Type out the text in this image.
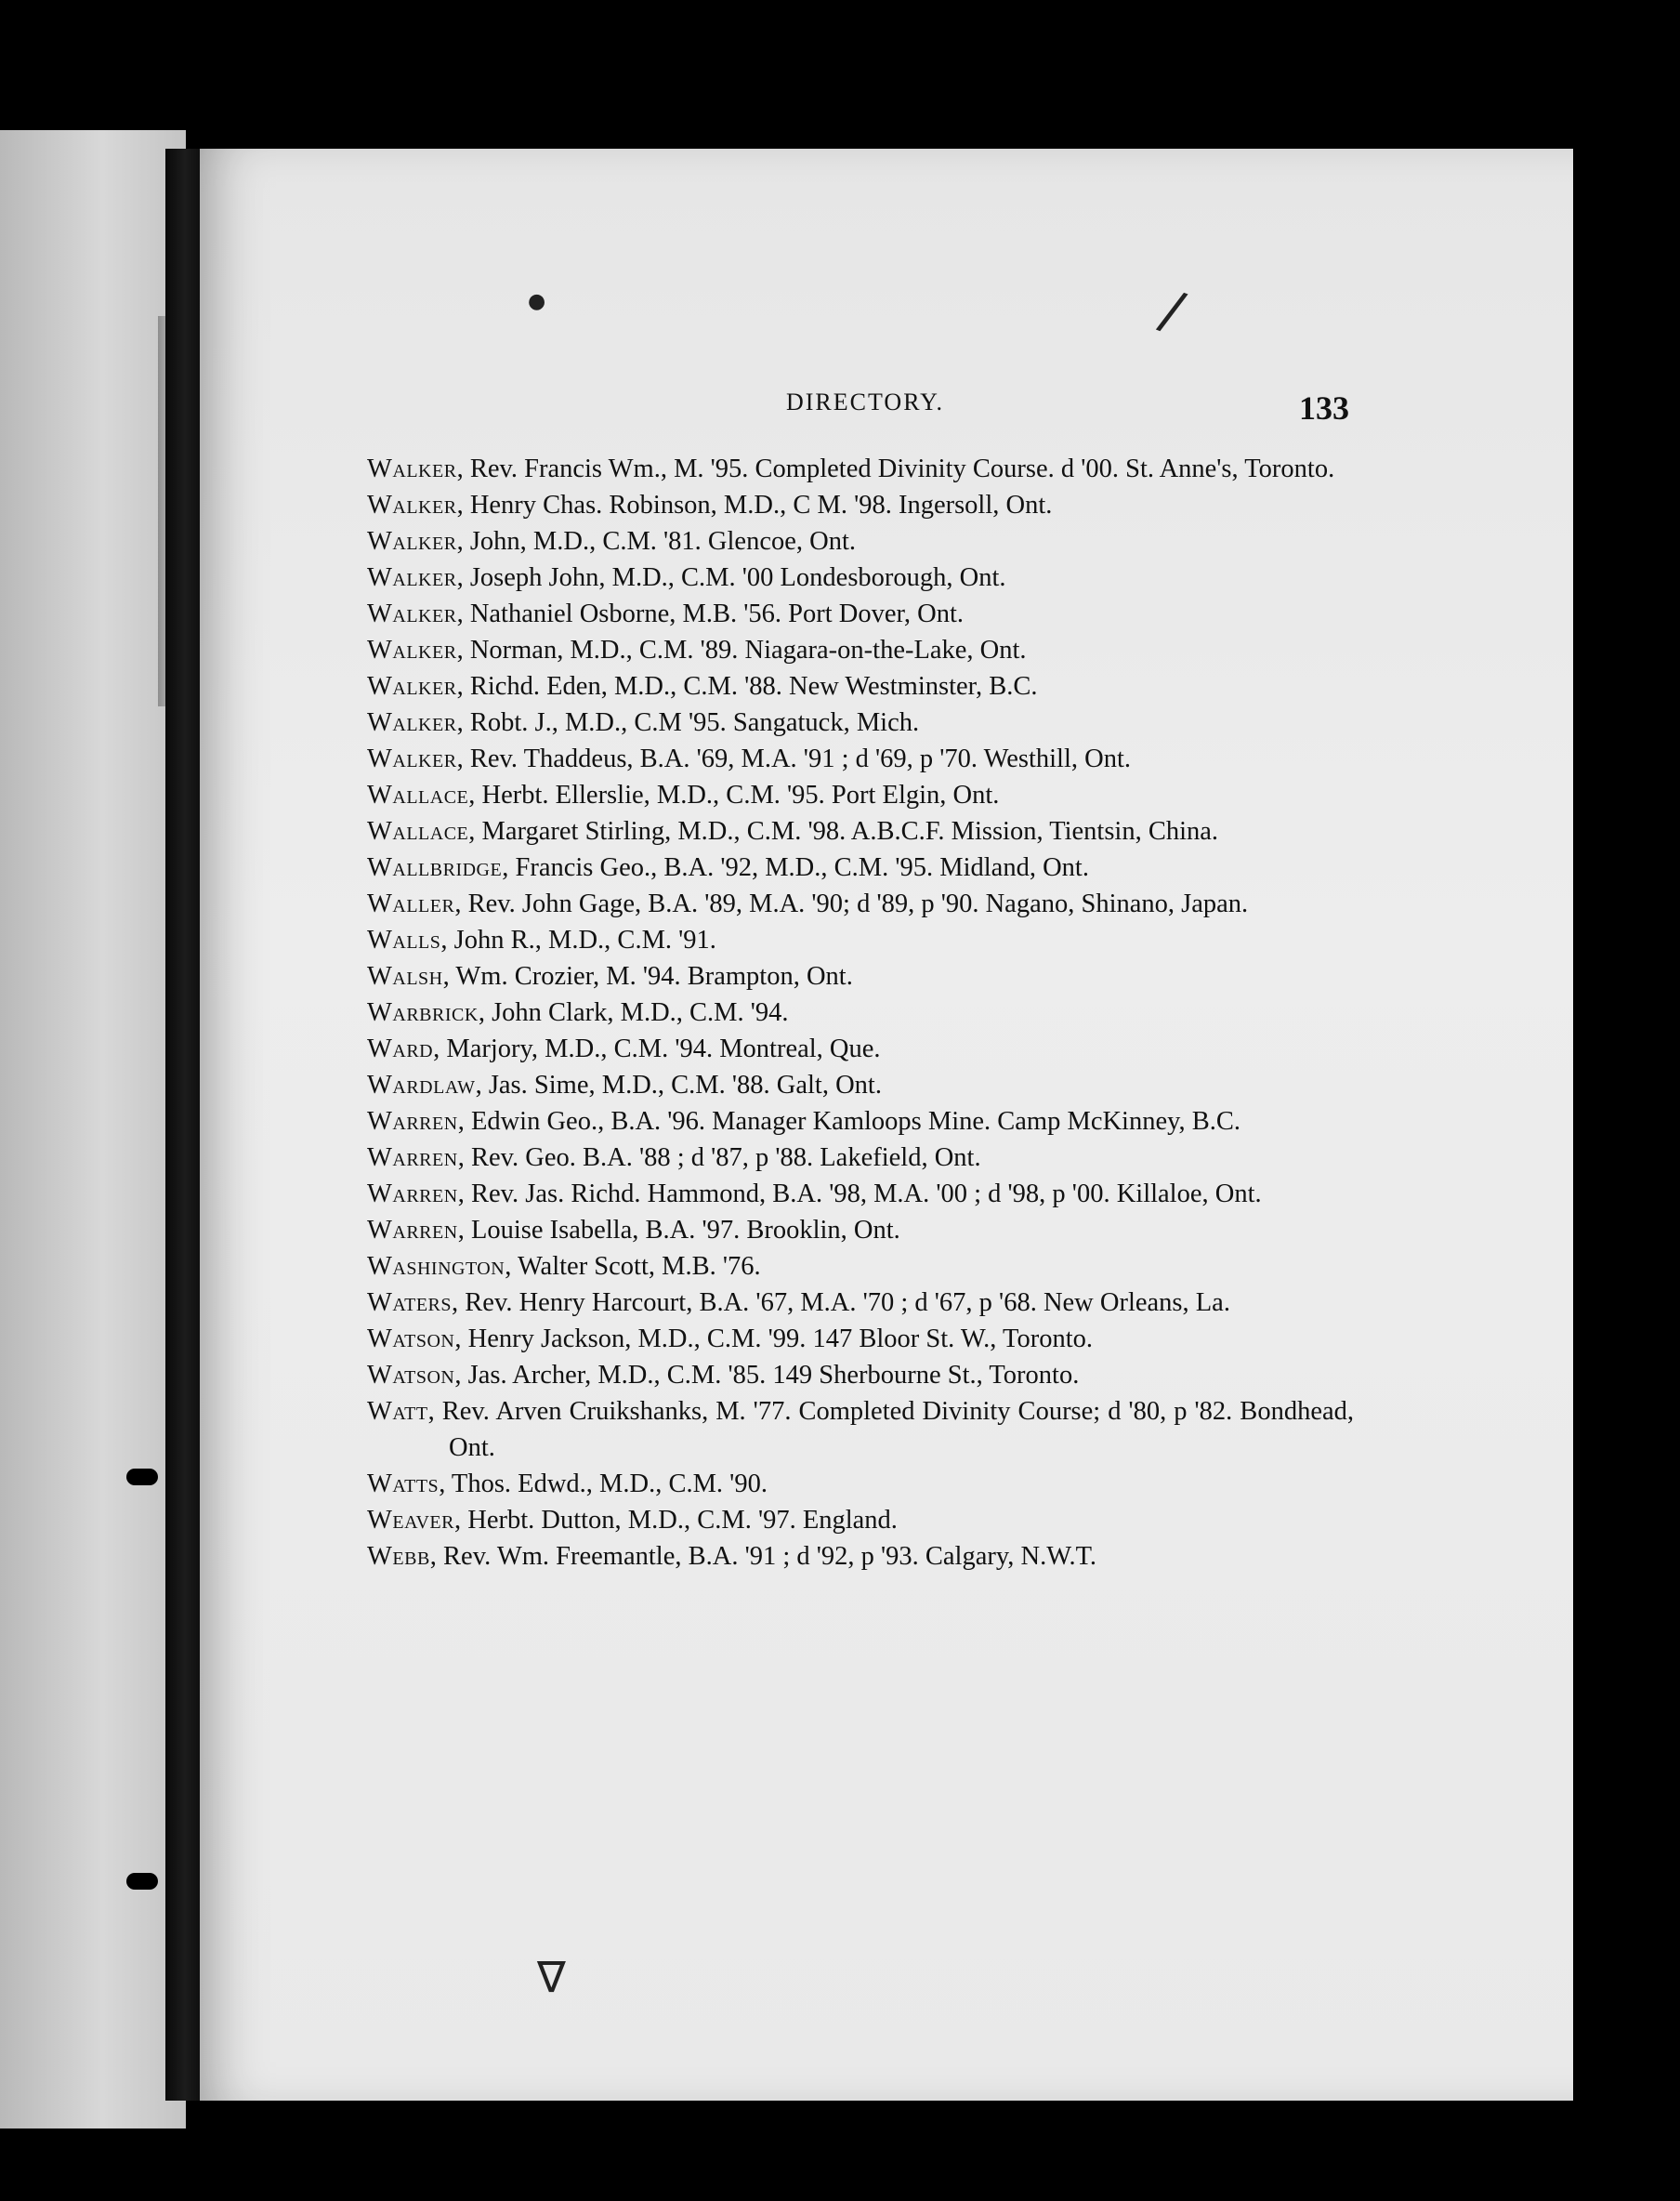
DIRECTORY.	133
/
●
∇

Walker, Rev. Francis Wm., M. '95. Completed Divinity Course. d '00. St. Anne's, Toronto.

Walker, Henry Chas. Robinson, M.D., C M. '98. Ingersoll, Ont.

Walker, John, M.D., C.M. '81. Glencoe, Ont.

Walker, Joseph John, M.D., C.M. '00 Londesborough, Ont.

Walker, Nathaniel Osborne, M.B. '56. Port Dover, Ont.

Walker, Norman, M.D., C.M. '89. Niagara-on-the-Lake, Ont.

Walker, Richd. Eden, M.D., C.M. '88. New Westminster, B.C.

Walker, Robt. J., M.D., C.M '95. Sangatuck, Mich.

Walker, Rev. Thaddeus, B.A. '69, M.A. '91 ; d '69, p '70. Westhill, Ont.

Wallace, Herbt. Ellerslie, M.D., C.M. '95. Port Elgin, Ont.

Wallace, Margaret Stirling, M.D., C.M. '98. A.B.C.F. Mission, Tientsin, China.

Wallbridge, Francis Geo., B.A. '92, M.D., C.M. '95. Midland, Ont.

Waller, Rev. John Gage, B.A. '89, M.A. '90; d '89, p '90. Nagano, Shinano, Japan.

Walls, John R., M.D., C.M. '91.

Walsh, Wm. Crozier, M. '94. Brampton, Ont.

Warbrick, John Clark, M.D., C.M. '94.

Ward, Marjory, M.D., C.M. '94. Montreal, Que.

Wardlaw, Jas. Sime, M.D., C.M. '88. Galt, Ont.

Warren, Edwin Geo., B.A. '96. Manager Kamloops Mine. Camp McKinney, B.C.

Warren, Rev. Geo. B.A. '88 ; d '87, p '88. Lakefield, Ont.

Warren, Rev. Jas. Richd. Hammond, B.A. '98, M.A. '00 ; d '98, p '00. Killaloe, Ont.

Warren, Louise Isabella, B.A. '97. Brooklin, Ont.

Washington, Walter Scott, M.B. '76.

Waters, Rev. Henry Harcourt, B.A. '67, M.A. '70 ; d '67, p '68. New Orleans, La.

Watson, Henry Jackson, M.D., C.M. '99. 147 Bloor St. W., Toronto.

Watson, Jas. Archer, M.D., C.M. '85. 149 Sherbourne St., Toronto.

Watt, Rev. Arven Cruikshanks, M. '77. Completed Divinity Course; d '80, p '82. Bondhead, Ont.

Watts, Thos. Edwd., M.D., C.M. '90.

Weaver, Herbt. Dutton, M.D., C.M. '97. England.

Webb, Rev. Wm. Freemantle, B.A. '91 ; d '92, p '93. Calgary, N.W.T.
